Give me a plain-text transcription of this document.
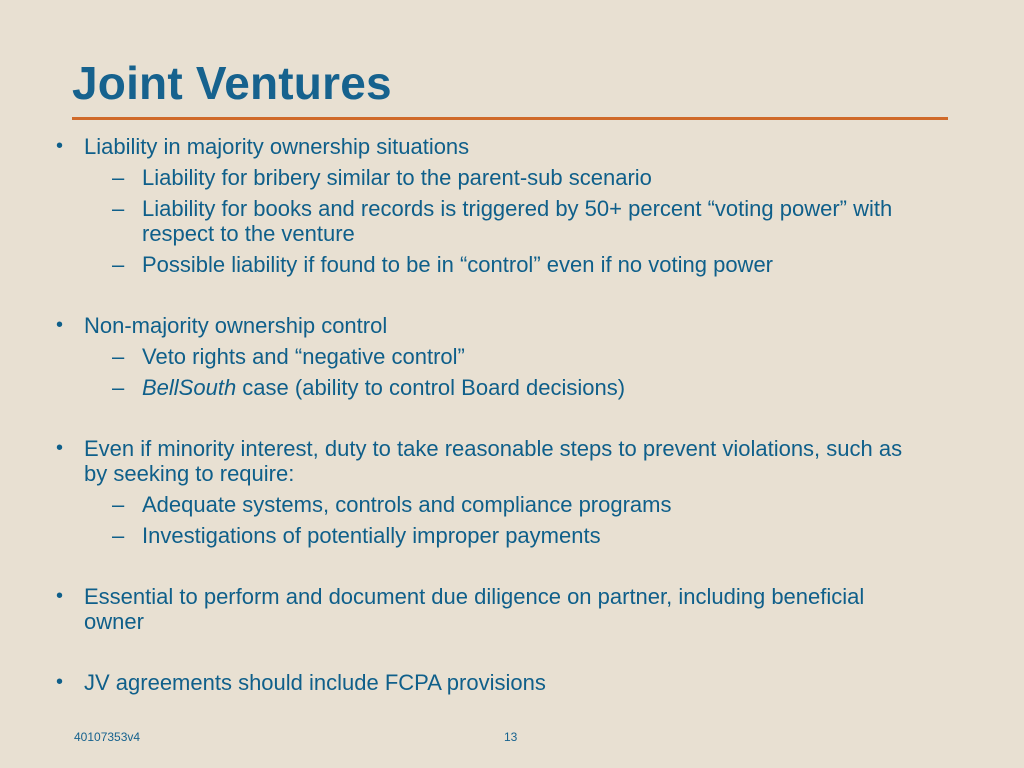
Joint Ventures
• Liability in majority ownership situations
– Liability for bribery similar to the parent-sub scenario
– Liability for books and records is triggered by 50+ percent “voting power” with respect to the venture
– Possible liability if found to be in “control” even if no voting power
• Non-majority ownership control
– Veto rights and “negative control”
– BellSouth case (ability to control Board decisions)
• Even if minority interest, duty to take reasonable steps to prevent violations, such as by seeking to require:
– Adequate systems, controls and compliance programs
– Investigations of potentially improper payments
• Essential to perform and document due diligence on partner, including beneficial owner
• JV agreements should include FCPA provisions
40107353v4	13
